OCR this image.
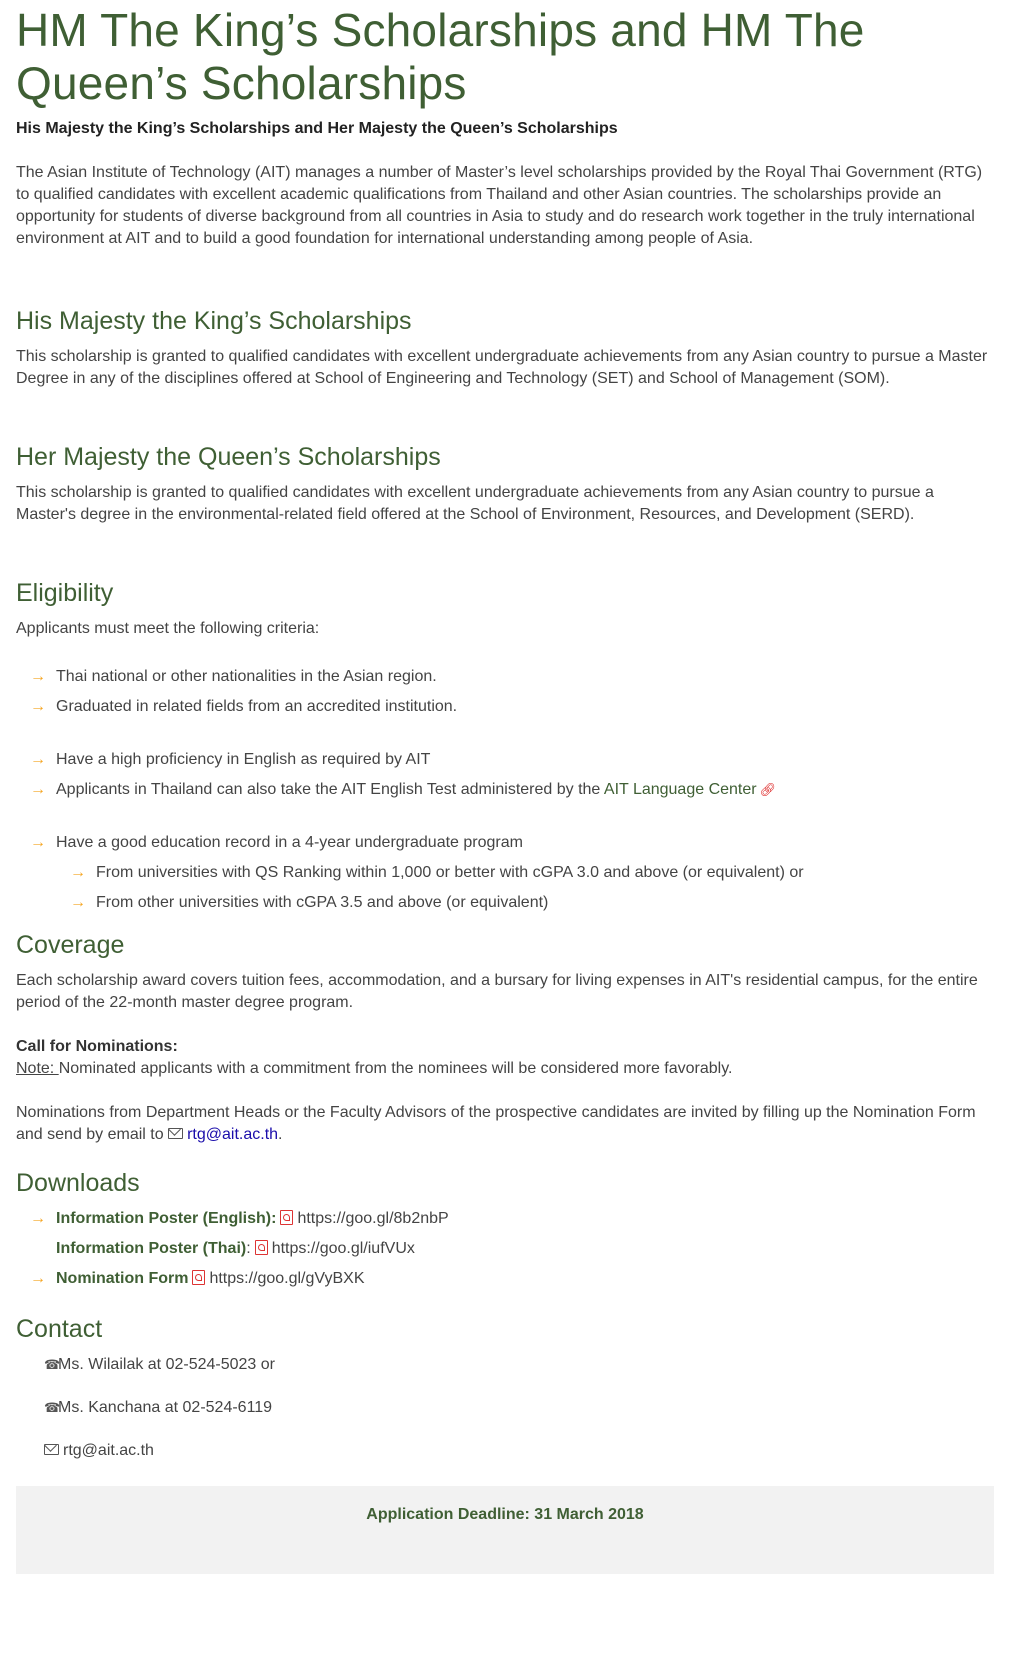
HM The King’s Scholarships and HM The Queen’s Scholarships
His Majesty the King’s Scholarships and Her Majesty the Queen’s Scholarships

The Asian Institute of Technology (AIT) manages a number of Master’s level scholarships provided by the Royal Thai Government (RTG) to qualified candidates with excellent academic qualifications from Thailand and other Asian countries. The scholarships provide an opportunity for students of diverse background from all countries in Asia to study and do research work together in the truly international environment at AIT and to build a good foundation for international understanding among people of Asia.

His Majesty the King’s Scholarships

This scholarship is granted to qualified candidates with excellent undergraduate achievements from any Asian country to pursue a Master Degree in any of the disciplines offered at School of Engineering and Technology (SET) and School of Management (SOM).

Her Majesty the Queen’s Scholarships

This scholarship is granted to qualified candidates with excellent undergraduate achievements from any Asian country to pursue a Master's degree in the environmental-related field offered at the School of Environment, Resources, and Development (SERD).

Eligibility

Applicants must meet the following criteria:

→ Thai national or other nationalities in the Asian region.
→ Graduated in related fields from an accredited institution.
→ Have a high proficiency in English as required by AIT
→ Applicants in Thailand can also take the AIT English Test administered by the AIT Language Center 🔗︎
→ Have a good education record in a 4-year undergraduate program
→ From universities with QS Ranking within 1,000 or better with cGPA 3.0 and above (or equivalent) or
→ From other universities with cGPA 3.5 and above (or equivalent)
Coverage

Each scholarship award covers tuition fees, accommodation, and a bursary for living expenses in AIT's residential campus, for the entire period of the 22-month master degree program.

Call for Nominations:

Note: Nominated applicants with a commitment from the nominees will be considered more favorably.

Nominations from Department Heads or the Faculty Advisors of the prospective candidates are invited by filling up the Nomination Form and send by email to rtg@ait.ac.th.

Downloads
→ Information Poster (English): https://goo.gl/8b2nbP
Information Poster (Thai): https://goo.gl/iufVUx
→ Nomination Form https://goo.gl/gVyBXK
Contact
☎︎Ms. Wilailak at 02-524-5023 or
☎︎Ms. Kanchana at 02-524-6119
rtg@ait.ac.th
Application Deadline: 31 March 2018
